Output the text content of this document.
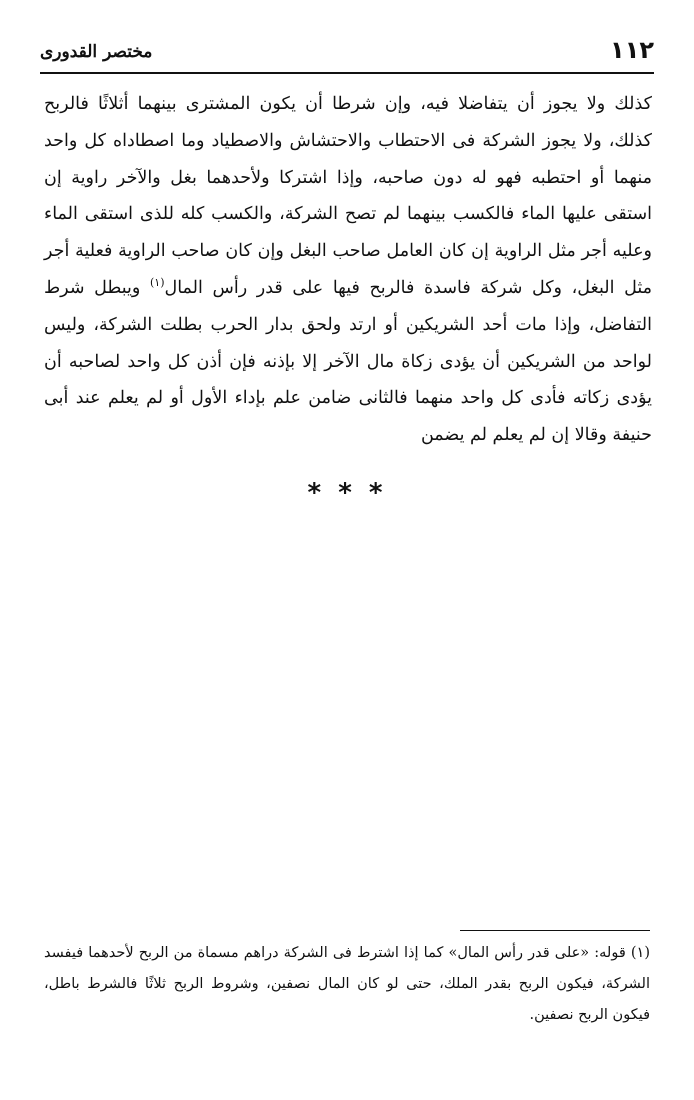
١١٢
مختصر القدورى

كذلك ولا يجوز أن يتفاضلا فيه، وإن شرطا أن يكون المشترى بينهما أثلاثًا فالربح كذلك، ولا يجوز الشركة فى الاحتطاب والاحتشاش والاصطياد وما اصطاداه كل واحد منهما أو احتطبه فهو له دون صاحبه، وإذا اشتركا ولأحدهما بغل والآخر راوية إن استقى عليها الماء فالكسب بينهما لم تصح الشركة، والكسب كله للذى استقى الماء وعليه أجر مثل الراوية إن كان العامل صاحب البغل وإن كان صاحب الراوية فعلية أجر مثل البغل، وكل شركة فاسدة فالربح فيها على قدر رأس المال$^{(١)}$ ويبطل شرط التفاضل، وإذا مات أحد الشريكين أو ارتد ولحق بدار الحرب بطلت الشركة، وليس لواحد من الشريكين أن يؤدى زكاة مال الآخر إلا بإذنه فإن أذن كل واحد لصاحبه أن يؤدى زكاته فأدى كل واحد منهما فالثانى ضامن علم بإداء الأول أو لم يعلم عند أبى حنيفة وقالا إن لم يعلم لم يضمن

* * *

(١) قوله: «على قدر رأس المال» كما إذا اشترط فى الشركة دراهم مسماة من الربح لأحدهما فيفسد الشركة، فيكون الربح بقدر الملك، حتى لو كان المال نصفين، وشروط الربح ثلاثًا فالشرط باطل، فيكون الربح نصفين.
